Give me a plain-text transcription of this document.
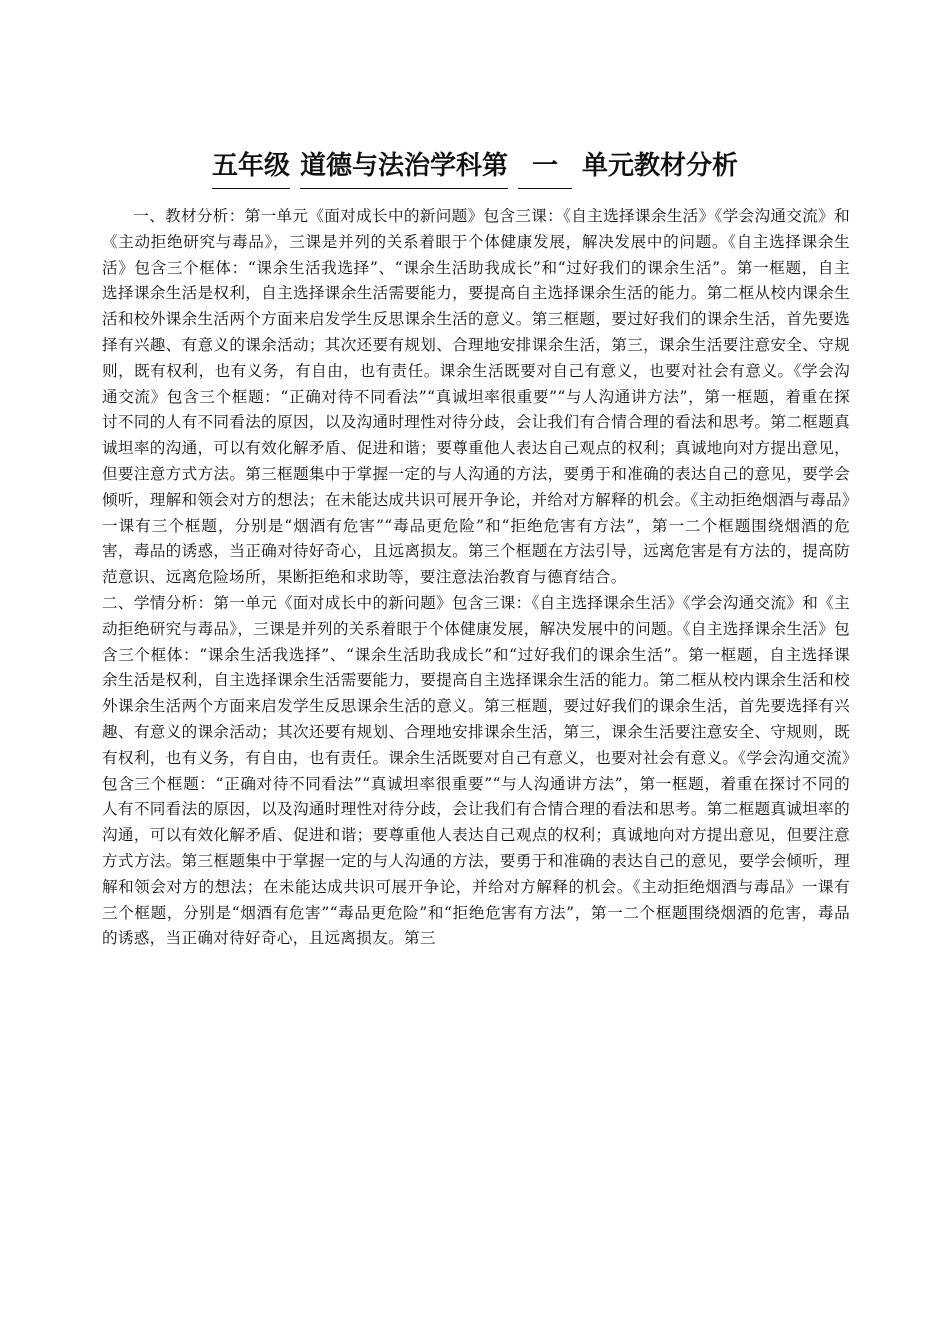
五年级 道德与法治学科第 一 单元教材分析

一、教材分析：第一单元《面对成长中的新问题》包含三课：《自主选择课余生活》《学会沟通交流》和《主动拒绝研究与毒品》，三课是并列的关系着眼于个体健康发展，解决发展中的问题。《自主选择课余生活》包含三个框体：“课余生活我选择”、“课余生活助我成长”和“过好我们的课余生活”。第一框题，自主选择课余生活是权利，自主选择课余生活需要能力，要提高自主选择课余生活的能力。第二框从校内课余生活和校外课余生活两个方面来启发学生反思课余生活的意义。第三框题，要过好我们的课余生活，首先要选择有兴趣、有意义的课余活动；其次还要有规划、合理地安排课余生活，第三，课余生活要注意安全、守规则，既有权利，也有义务，有自由，也有责任。课余生活既要对自己有意义，也要对社会有意义。《学会沟通交流》包含三个框题：“正确对待不同看法”“真诚坦率很重要”“与人沟通讲方法”，第一框题，着重在探讨不同的人有不同看法的原因，以及沟通时理性对待分歧，会让我们有合情合理的看法和思考。第二框题真诚坦率的沟通，可以有效化解矛盾、促进和谐；要尊重他人表达自己观点的权利；真诚地向对方提出意见，但要注意方式方法。第三框题集中于掌握一定的与人沟通的方法，要勇于和准确的表达自己的意见，要学会倾听，理解和领会对方的想法；在未能达成共识可展开争论，并给对方解释的机会。《主动拒绝烟酒与毒品》一课有三个框题，分别是“烟酒有危害”“毒品更危险”和“拒绝危害有方法”，第一二个框题围绕烟酒的危害，毒品的诱惑，当正确对待好奇心，且远离损友。第三个框题在方法引导，远离危害是有方法的，提高防范意识、远离危险场所，果断拒绝和求助等，要注意法治教育与德育结合。

二、学情分析：第一单元《面对成长中的新问题》包含三课：《自主选择课余生活》《学会沟通交流》和《主动拒绝研究与毒品》，三课是并列的关系着眼于个体健康发展，解决发展中的问题。《自主选择课余生活》包含三个框体：“课余生活我选择”、“课余生活助我成长”和“过好我们的课余生活”。第一框题，自主选择课余生活是权利，自主选择课余生活需要能力，要提高自主选择课余生活的能力。第二框从校内课余生活和校外课余生活两个方面来启发学生反思课余生活的意义。第三框题，要过好我们的课余生活，首先要选择有兴趣、有意义的课余活动；其次还要有规划、合理地安排课余生活，第三，课余生活要注意安全、守规则，既有权利，也有义务，有自由，也有责任。课余生活既要对自己有意义，也要对社会有意义。《学会沟通交流》包含三个框题：“正确对待不同看法”“真诚坦率很重要”“与人沟通讲方法”，第一框题，着重在探讨不同的人有不同看法的原因，以及沟通时理性对待分歧，会让我们有合情合理的看法和思考。第二框题真诚坦率的沟通，可以有效化解矛盾、促进和谐；要尊重他人表达自己观点的权利；真诚地向对方提出意见，但要注意方式方法。第三框题集中于掌握一定的与人沟通的方法，要勇于和准确的表达自己的意见，要学会倾听，理解和领会对方的想法；在未能达成共识可展开争论，并给对方解释的机会。《主动拒绝烟酒与毒品》一课有三个框题，分别是“烟酒有危害”“毒品更危险”和“拒绝危害有方法”，第一二个框题围绕烟酒的危害，毒品的诱惑，当正确对待好奇心，且远离损友。第三
